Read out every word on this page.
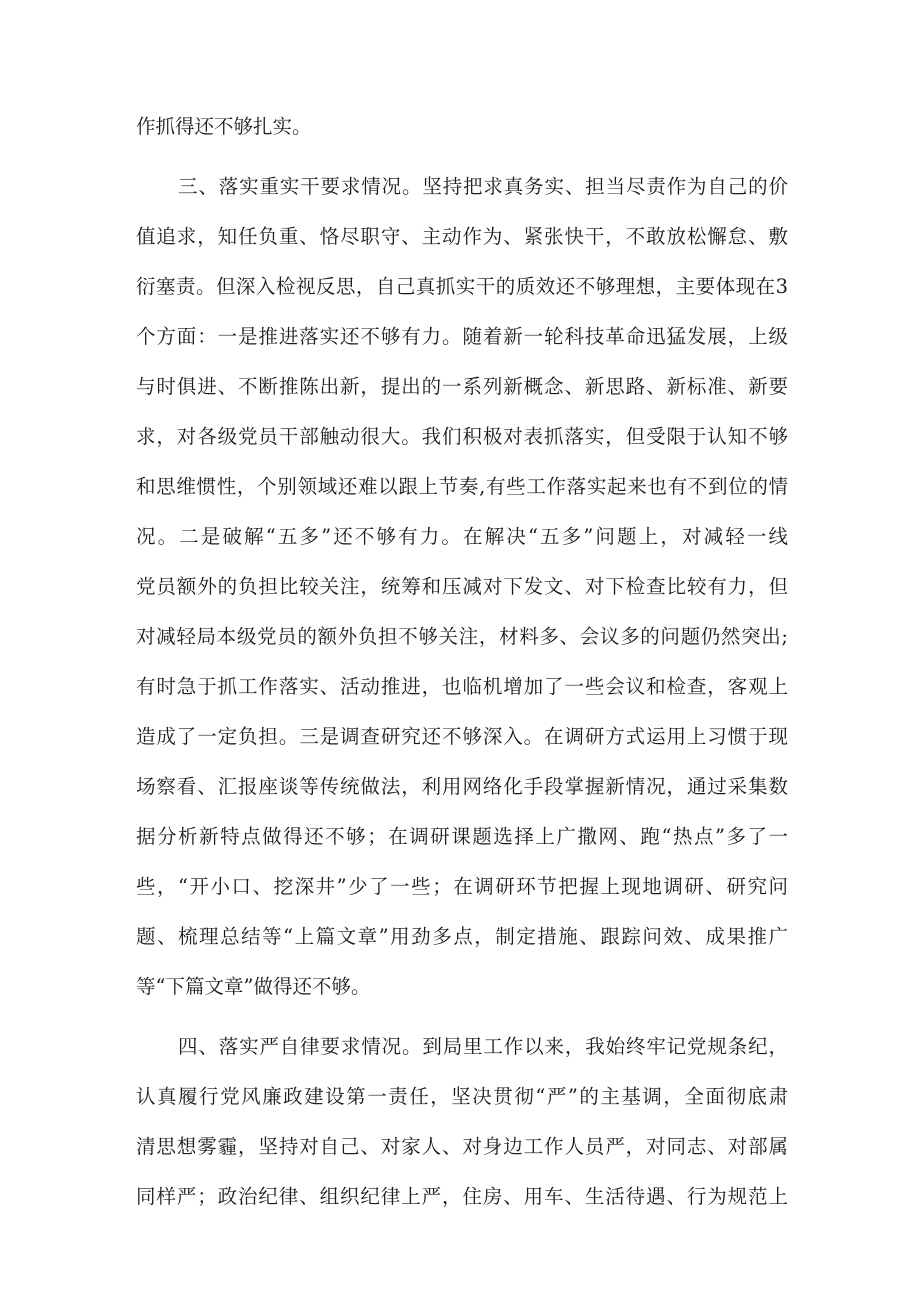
作抓得还不够扎实。

三、落实重实干要求情况。坚持把求真务实、担当尽责作为自己的价

值追求，知任负重、恪尽职守、主动作为、紧张快干，不敢放松懈怠、敷

衍塞责。但深入检视反思，自己真抓实干的质效还不够理想，主要体现在3

个方面：一是推进落实还不够有力。随着新一轮科技革命迅猛发展，上级

与时俱进、不断推陈出新，提出的一系列新概念、新思路、新标准、新要

求，对各级党员干部触动很大。我们积极对表抓落实，但受限于认知不够

和思维惯性，个别领域还难以跟上节奏,有些工作落实起来也有不到位的情

况。二是破解“五多”还不够有力。在解决“五多”问题上，对减轻一线

党员额外的负担比较关注，统筹和压减对下发文、对下检查比较有力，但

对减轻局本级党员的额外负担不够关注，材料多、会议多的问题仍然突出;

有时急于抓工作落实、活动推进，也临机增加了一些会议和检查，客观上

造成了一定负担。三是调查研究还不够深入。在调研方式运用上习惯于现

场察看、汇报座谈等传统做法，利用网络化手段掌握新情况，通过采集数

据分析新特点做得还不够；在调研课题选择上广撒网、跑“热点”多了一

些，“开小口、挖深井”少了一些；在调研环节把握上现地调研、研究问

题、梳理总结等“上篇文章”用劲多点，制定措施、跟踪问效、成果推广

等“下篇文章”做得还不够。

四、落实严自律要求情况。到局里工作以来，我始终牢记党规条纪，

认真履行党风廉政建设第一责任，坚决贯彻“严”的主基调，全面彻底肃

清思想雾霾，坚持对自己、对家人、对身边工作人员严，对同志、对部属

同样严；政治纪律、组织纪律上严，住房、用车、生活待遇、行为规范上
